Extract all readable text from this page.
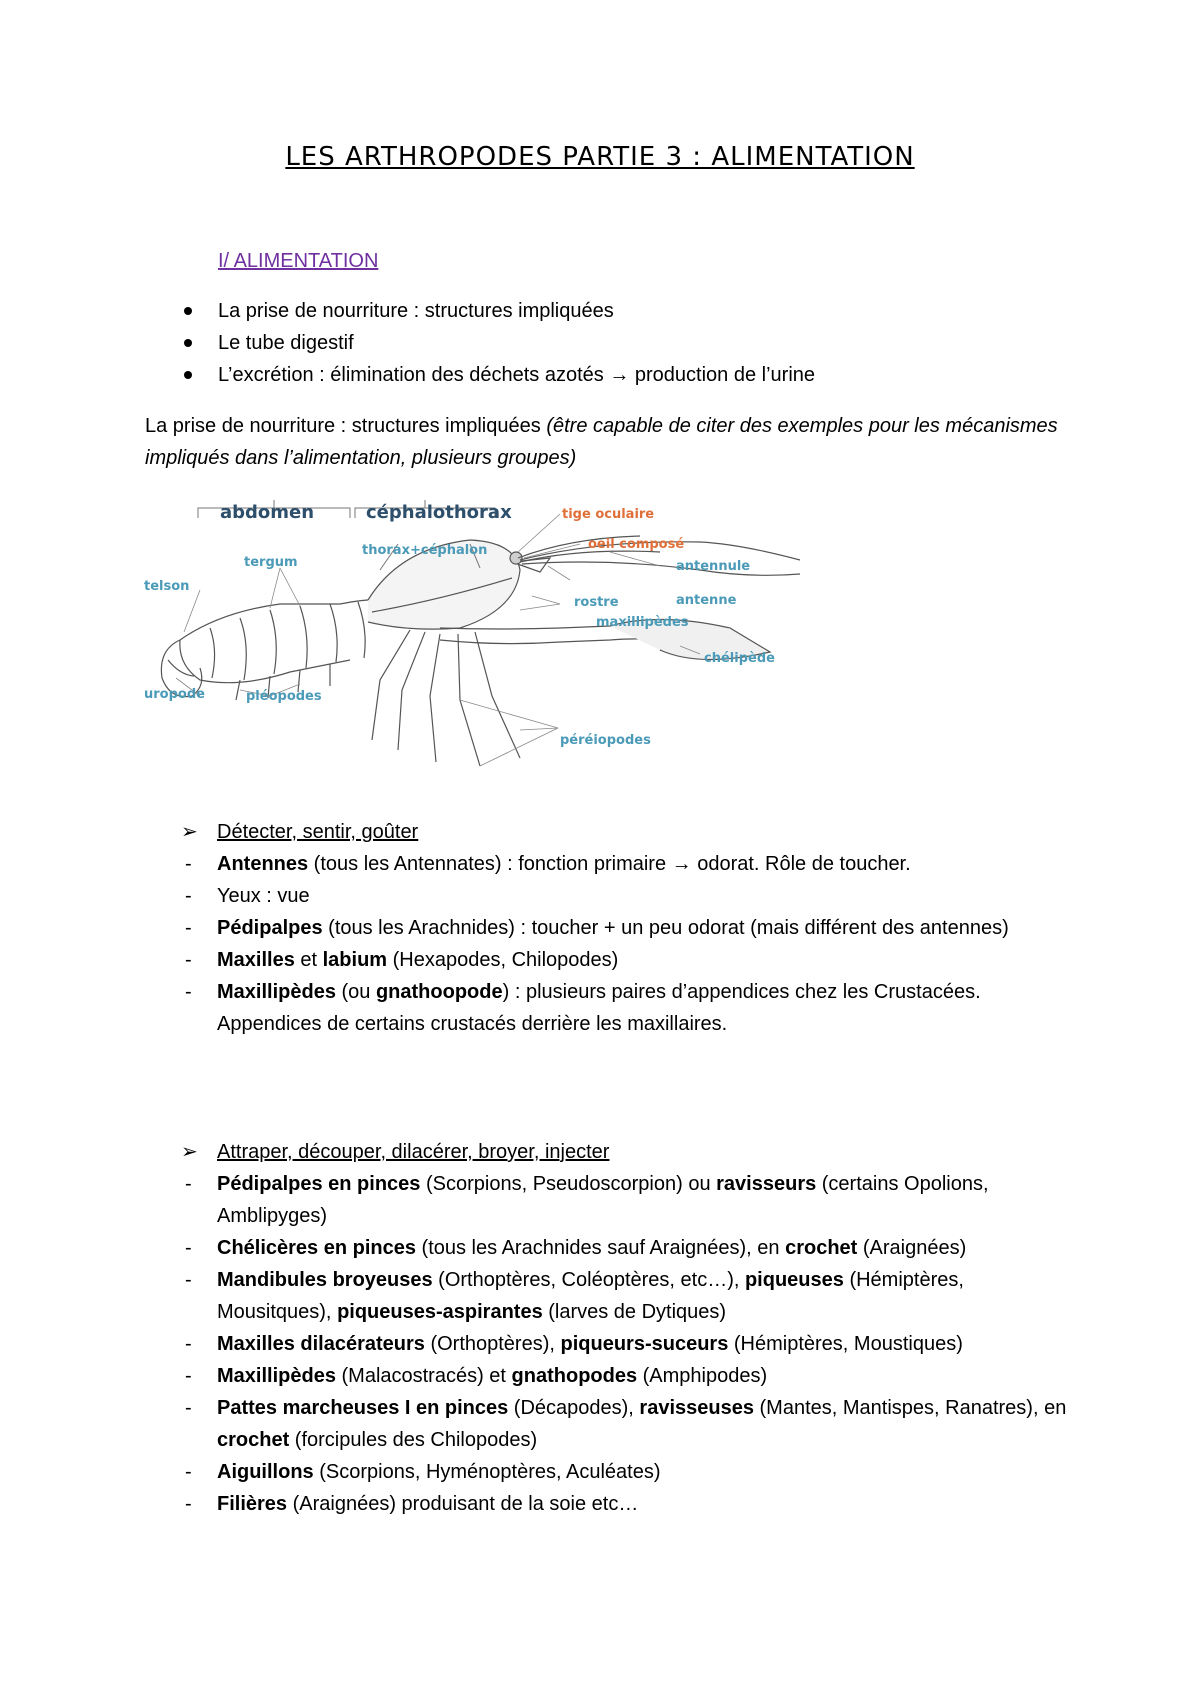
LES ARTHROPODES PARTIE 3 : ALIMENTATION
I/ ALIMENTATION
La prise de nourriture : structures impliquées
Le tube digestif
L’excrétion : élimination des déchets azotés → production de l’urine
La prise de nourriture : structures impliquées (être capable de citer des exemples pour les mécanismes impliqués dans l’alimentation, plusieurs groupes)
abdomen	céphalothorax
thorax+céphalon
tergum
telson
uropode	pléopodes
tige oculaire
oeil composé
antennule
rostre	antenne
maxillipèdes
chélipède
péréiopodes
➢ Détecter, sentir, goûter
- Antennes (tous les Antennates) : fonction primaire → odorat. Rôle de toucher.
- Yeux : vue
- Pédipalpes (tous les Arachnides) : toucher + un peu odorat (mais différent des antennes)
- Maxilles et labium (Hexapodes, Chilopodes)
- Maxillipèdes (ou gnathoopode) : plusieurs paires d’appendices chez les Crustacées. Appendices de certains crustacés derrière les maxillaires.
➢ Attraper, découper, dilacérer, broyer, injecter
- Pédipalpes en pinces (Scorpions, Pseudoscorpion) ou ravisseurs (certains Opolions, Amblipyges)
- Chélicères en pinces (tous les Arachnides sauf Araignées), en crochet (Araignées)
- Mandibules broyeuses (Orthoptères, Coléoptères, etc…), piqueuses (Hémiptères, Mousitques), piqueuses-aspirantes (larves de Dytiques)
- Maxilles dilacérateurs (Orthoptères), piqueurs-suceurs (Hémiptères, Moustiques)
- Maxillipèdes (Malacostracés) et gnathopodes (Amphipodes)
- Pattes marcheuses I en pinces (Décapodes), ravisseuses (Mantes, Mantispes, Ranatres), en crochet (forcipules des Chilopodes)
- Aiguillons (Scorpions, Hyménoptères, Aculéates)
- Filières (Araignées) produisant de la soie etc…
